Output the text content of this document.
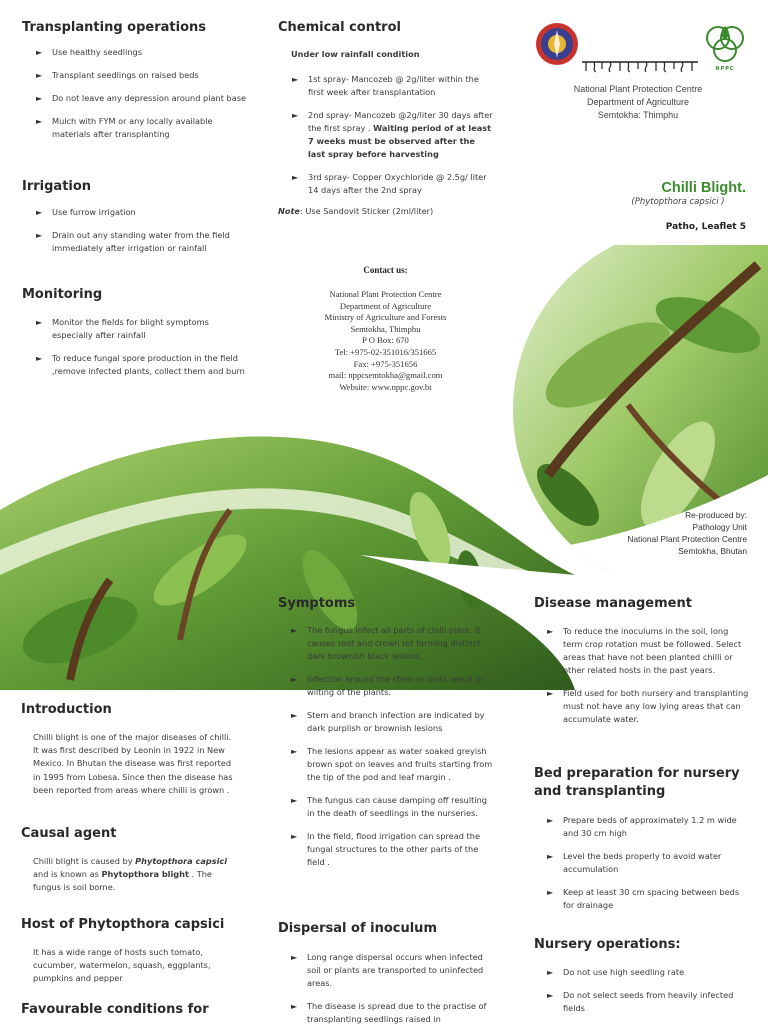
Transplanting operations
► Use healthy seedlings
► Transplant seedlings on raised beds
► Do not leave any depression around plant base
► Mulch with FYM or any locally available materials after transplanting
Irrigation
► Use furrow irrigation
► Drain out any standing water from the field immediately after irrigation or rainfall
Monitoring
► Monitor the fields for blight symptoms especially after rainfall
► To reduce fungal spore production in the field ,remove infected plants, collect them and burn
Chemical control

Under low rainfall condition

► 1st spray- Mancozeb @ 2g/liter within the first week after transplantation
► 2nd spray- Mancozeb @2g/liter 30 days after the first spray . Waiting period of at least 7 weeks must be observed after the last spray before harvesting
► 3rd spray- Copper Oxychloride @ 2.5g/ liter 14 days after the 2nd spray

Note: Use Sandovit Sticker (2ml/liter)

Contact us:
National Plant Protection Centre
Department of Agriculture
Ministry of Agriculture and Forests
Semtokha, Thimphu
P O Box: 670
Tel: +975-02-351016/351665
Fax: +975-351656
mail: nppcsemtokha@gmail.com
Website: www.nppc.gov.bt
NPPC
National Plant Protection Centre
Department of Agriculture
Semtokha: Thimphu
Chilli Blight.
(Phytopthora capsici )
Patho, Leaflet 5
Re-produced by:
Pathology Unit
National Plant Protection Centre
Semtokha, Bhutan
Introduction

Chilli blight is one of the major diseases of chilli. It was first described by Leonin in 1922 in New Mexico. In Bhutan the disease was first reported in 1995 from Lobesa. Since then the disease has been reported from areas where chilli is grown .

Causal agent

Chilli blight is caused by Phytopthora capsici and is known as Phytopthora blight . The fungus is soil borne.

Host of Phytopthora capsici

It has a wide range of hosts such tomato, cucumber, watermelon, squash, eggplants, pumpkins and pepper

Favourable conditions for
Symptoms
► The fungus infect all parts of chilli plant. It causes root and crown rot forming distinct dark brownish black lesions.
► Infection around the stem or roots result in wilting of the plants.
► Stem and branch infection are indicated by dark purplish or brownish lesions
► The lesions appear as water soaked greyish brown spot on leaves and fruits starting from the tip of the pod and leaf margin .
► The fungus can cause damping off resulting in the death of seedlings in the nurseries.
► In the field, flood irrigation can spread the fungal structures to the other parts of the field .
Dispersal of inoculum
► Long range dispersal occurs when infected soil or plants are transported to uninfected areas.
► The disease is spread due to the practise of transplanting seedlings raised in
Disease management
► To reduce the inoculums in the soil, long term crop rotation must be followed. Select areas that have not been planted chilli or other related hosts in the past years.
► Field used for both nursery and transplanting must not have any low lying areas that can accumulate water.
Bed preparation for nursery and transplanting
► Prepare beds of approximately 1.2 m wide and 30 cm high
► Level the beds properly to avoid water accumulation
► Keep at least 30 cm spacing between beds for drainage
Nursery operations:
► Do not use high seedling rate
► Do not select seeds from heavily infected fields
